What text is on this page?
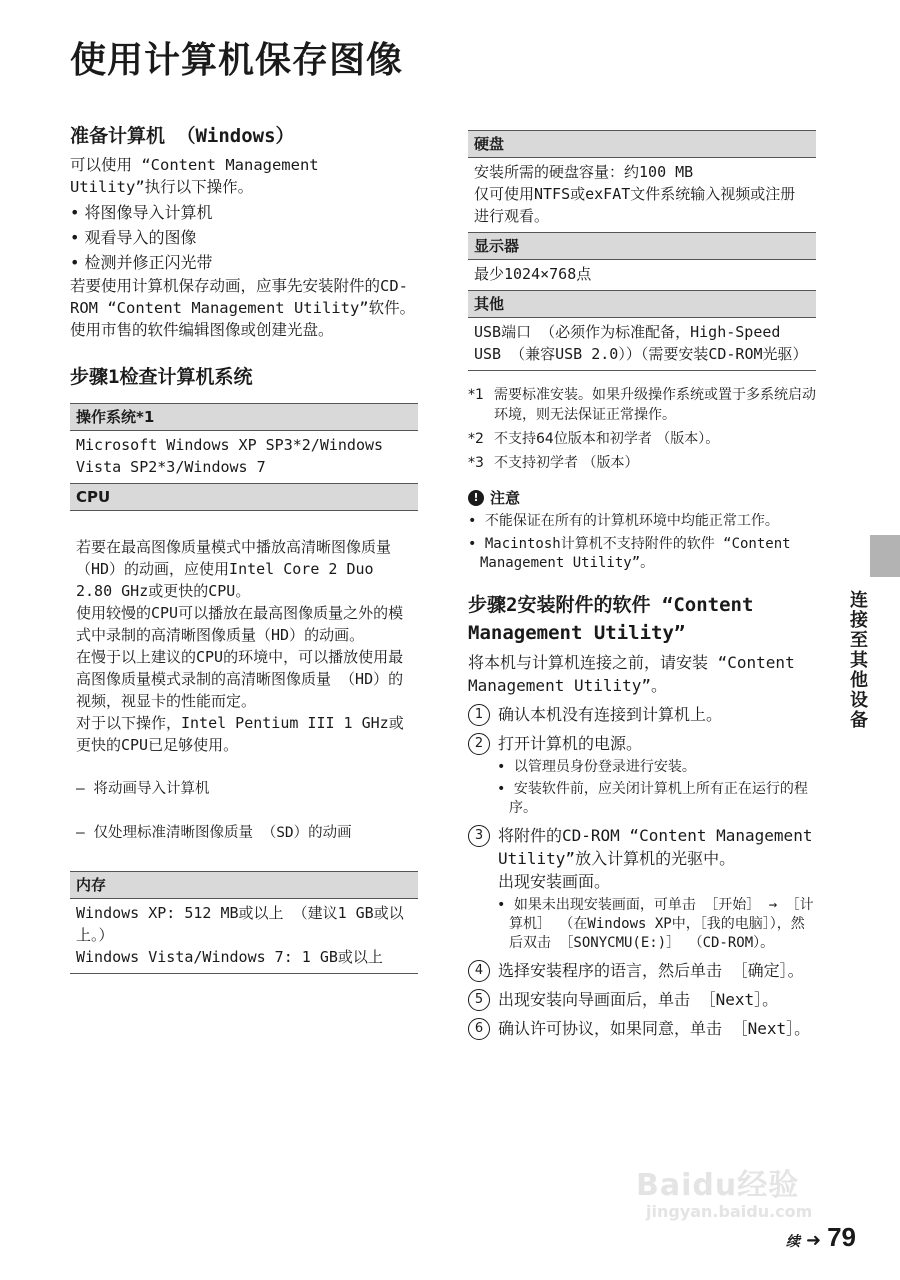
使用计算机保存图像
准备计算机 （Windows）

可以使用 “Content Management Utility”执行以下操作。

• 将图像导入计算机

• 观看导入的图像

• 检测并修正闪光带

若要使用计算机保存动画，应事先安装附件的CD-ROM “Content Management Utility”软件。

使用市售的软件编辑图像或创建光盘。

步骤1检查计算机系统
操作系统*1
Microsoft Windows XP SP3*2/Windows Vista SP2*3/Windows 7
CPU

若要在最高图像质量模式中播放高清晰图像质量 （HD）的动画，应使用Intel Core 2 Duo 2.80 GHz或更快的CPU。
使用较慢的CPU可以播放在最高图像质量之外的模式中录制的高清晰图像质量（HD）的动画。
在慢于以上建议的CPU的环境中，可以播放使用最高图像质量模式录制的高清晰图像质量 （HD）的视频，视显卡的性能而定。
对于以下操作，Intel Pentium III 1 GHz或更快的CPU已足够使用。

– 将动画导入计算机

– 仅处理标准清晰图像质量 （SD）的动画

内存
Windows XP: 512 MB或以上 （建议1 GB或以上。）
Windows Vista/Windows 7: 1 GB或以上
硬盘
安装所需的硬盘容量：约100 MB
仅可使用NTFS或exFAT文件系统输入视频或注册进行观看。
显示器
最少1024×768点
其他
USB端口 （必须作为标准配备，High-Speed USB （兼容USB 2.0））（需要安装CD-ROM光驱）
*1 需要标准安装。如果升级操作系统或置于多系统启动环境，则无法保证正常操作。
*2 不支持64位版本和初学者 （版本）。
*3 不支持初学者 （版本）
! 注意
• 不能保证在所有的计算机环境中均能正常工作。
• Macintosh计算机不支持附件的软件 “Content Management Utility”。
步骤2安装附件的软件 “Content Management Utility”

将本机与计算机连接之前，请安装 “Content Management Utility”。

1 确认本机没有连接到计算机上。
2 打开计算机的电源。
• 以管理员身份登录进行安装。
• 安装软件前，应关闭计算机上所有正在运行的程序。
3 将附件的CD-ROM “Content Management Utility”放入计算机的光驱中。
出现安装画面。
• 如果未出现安装画面，可单击 ［开始］ → ［计算机］ （在Windows XP中，［我的电脑］），然后双击 ［SONYCMU(E:)］ （CD-ROM）。
4 选择安装程序的语言，然后单击 ［确定］。
5 出现安装向导画面后，单击 ［Next］。
6 确认许可协议，如果同意，单击 ［Next］。
连接至其他设备
Baidu经验
jingyan.baidu.com
续 ➜ 79
